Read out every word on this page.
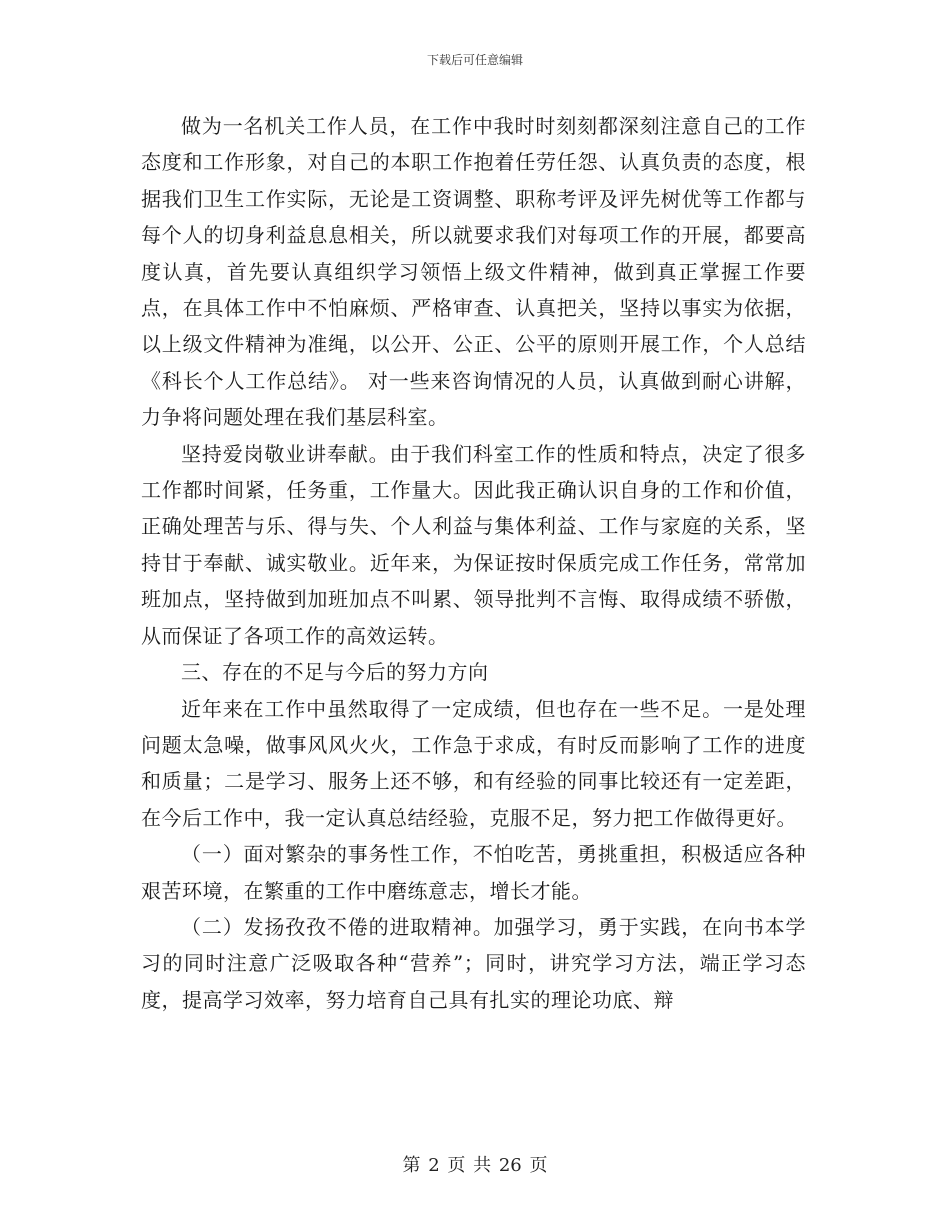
下载后可任意编辑

做为一名机关工作人员，在工作中我时时刻刻都深刻注意自己的工作态度和工作形象，对自己的本职工作抱着任劳任怨、认真负责的态度，根据我们卫生工作实际，无论是工资调整、职称考评及评先树优等工作都与每个人的切身利益息息相关，所以就要求我们对每项工作的开展，都要高度认真，首先要认真组织学习领悟上级文件精神，做到真正掌握工作要点，在具体工作中不怕麻烦、严格审查、认真把关，坚持以事实为依据，以上级文件精神为准绳，以公开、公正、公平的原则开展工作，个人总结《科长个人工作总结》。 对一些来咨询情况的人员，认真做到耐心讲解，力争将问题处理在我们基层科室。

坚持爱岗敬业讲奉献。由于我们科室工作的性质和特点，决定了很多工作都时间紧，任务重，工作量大。因此我正确认识自身的工作和价值，正确处理苦与乐、得与失、个人利益与集体利益、工作与家庭的关系，坚持甘于奉献、诚实敬业。近年来，为保证按时保质完成工作任务，常常加班加点，坚持做到加班加点不叫累、领导批判不言悔、取得成绩不骄傲，从而保证了各项工作的高效运转。

三、存在的不足与今后的努力方向

近年来在工作中虽然取得了一定成绩，但也存在一些不足。一是处理问题太急噪，做事风风火火，工作急于求成，有时反而影响了工作的进度和质量；二是学习、服务上还不够，和有经验的同事比较还有一定差距，在今后工作中，我一定认真总结经验，克服不足，努力把工作做得更好。

（一）面对繁杂的事务性工作，不怕吃苦，勇挑重担，积极适应各种艰苦环境，在繁重的工作中磨练意志，增长才能。

（二）发扬孜孜不倦的进取精神。加强学习，勇于实践，在向书本学习的同时注意广泛吸取各种“营养”；同时，讲究学习方法，端正学习态度，提高学习效率，努力培育自己具有扎实的理论功底、辩

第 2 页 共 26 页
